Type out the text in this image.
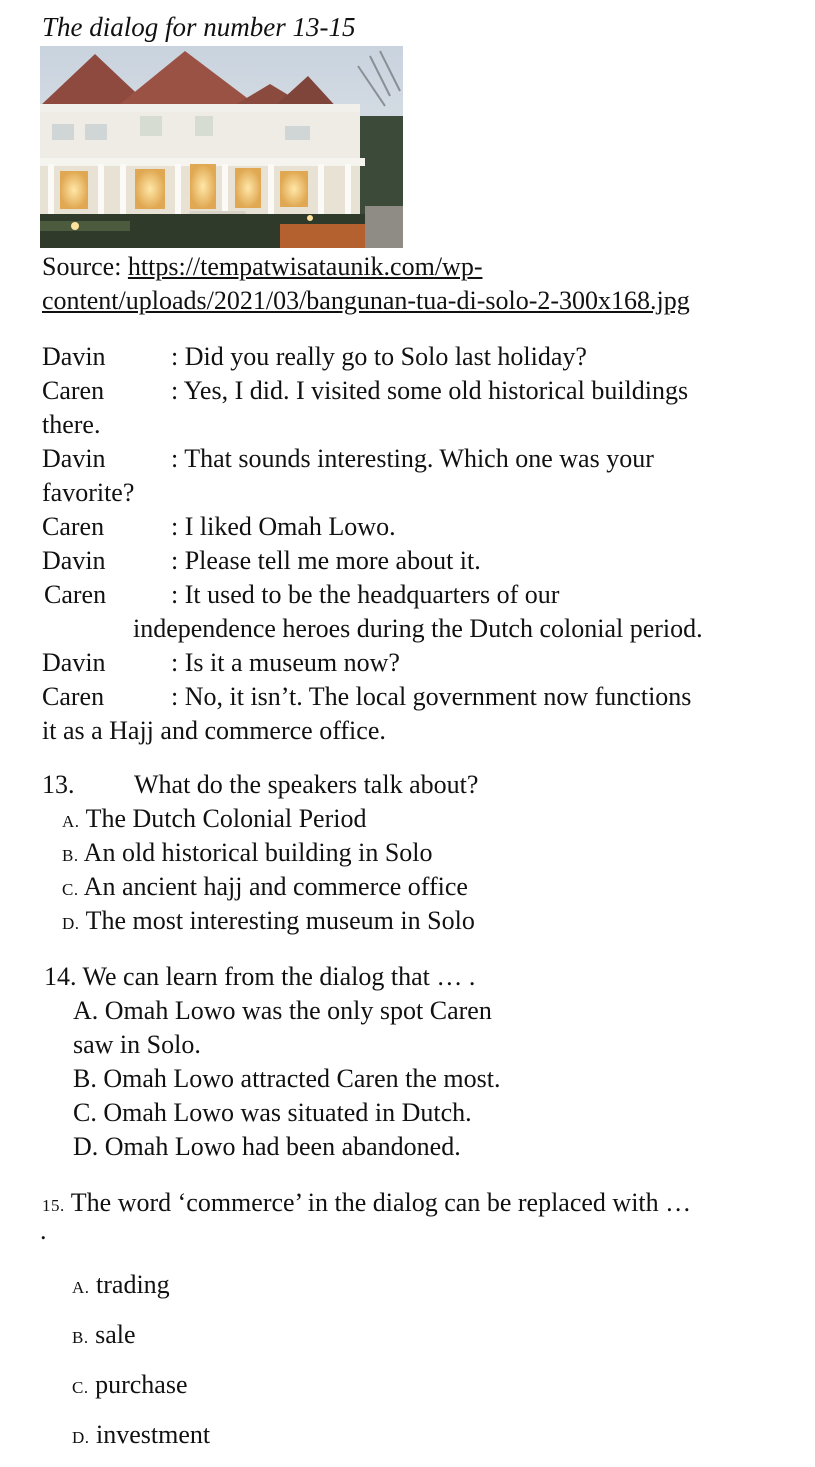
The dialog for number 13-15
Source: https://tempatwisataunik.com/wp-
content/uploads/2021/03/bangunan-tua-di-solo-2-300x168.jpg
Davin	: Did you really go to Solo last holiday?
Caren	: Yes, I did. I visited some old historical buildings
there.
Davin	: That sounds interesting. Which one was your
favorite?
Caren	: I liked Omah Lowo.
Davin	: Please tell me more about it.
Caren : It used to be the headquarters of our
independence heroes during the Dutch colonial period.
Davin	: Is it a museum now?
Caren	: No, it isn’t. The local government now functions
it as a Hajj and commerce office.
13. What do the speakers talk about?
A. The Dutch Colonial Period
B. An old historical building in Solo
C. An ancient hajj and commerce office
D. The most interesting museum in Solo
14. We can learn from the dialog that … .
A. Omah Lowo was the only spot Caren
saw in Solo.
B. Omah Lowo attracted Caren the most.
C. Omah Lowo was situated in Dutch.
D. Omah Lowo had been abandoned.
15. The word ‘commerce’ in the dialog can be replaced with …
.
A. trading
B. sale
C. purchase
D. investment
